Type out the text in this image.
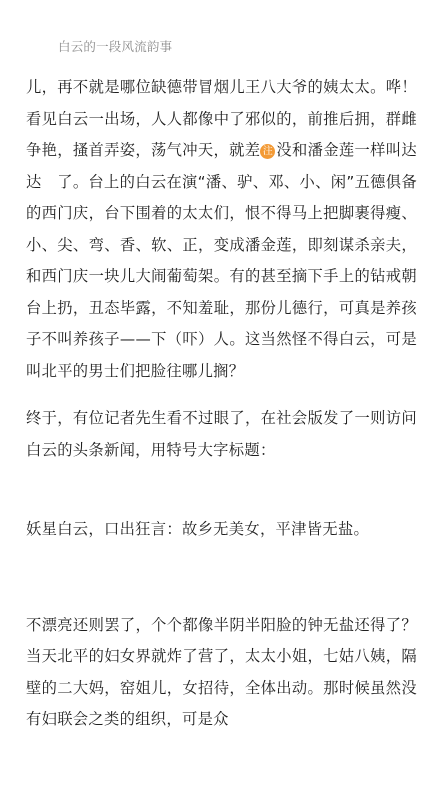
白云的一段风流韵事

儿，再不就是哪位缺德带冒烟儿王八大爷的姨太太。哗！看见白云一出场，人人都像中了邪似的，前推后拥，群雌争艳，搔首弄姿，荡气冲天，就差 注 没和潘金莲一样叫达达　了。台上的白云在演“潘、驴、邓、小、闲”五德俱备的西门庆，台下围着的太太们，恨不得马上把脚裹得瘦、小、尖、弯、香、软、正，变成潘金莲，即刻谋杀亲夫，和西门庆一块儿大闹葡萄架。有的甚至摘下手上的钻戒朝台上扔，丑态毕露，不知羞耻，那份儿德行，可真是养孩子不叫养孩子——下（吓）人。这当然怪不得白云，可是叫北平的男士们把脸往哪儿搁？

终于，有位记者先生看不过眼了，在社会版发了一则访问白云的头条新闻，用特号大字标题：

妖星白云，口出狂言：故乡无美女，平津皆无盐。

不漂亮还则罢了，个个都像半阴半阳脸的钟无盐还得了？当天北平的妇女界就炸了营了，太太小姐，七姑八姨，隔壁的二大妈，窑姐儿，女招待，全体出动。那时候虽然没有妇联会之类的组织，可是众
